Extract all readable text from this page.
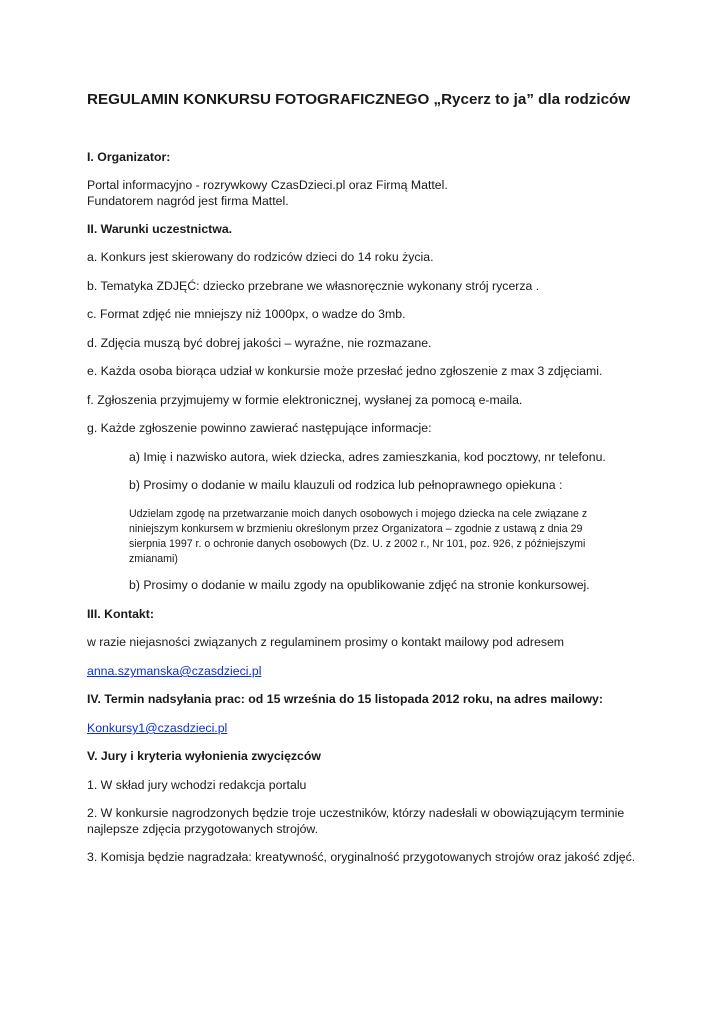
REGULAMIN KONKURSU FOTOGRAFICZNEGO „Rycerz to ja” dla rodziców
I. Organizator:
Portal informacyjno - rozrywkowy CzasDzieci.pl oraz Firmą Mattel.
Fundatorem nagród jest firma Mattel.
II. Warunki uczestnictwa.
a. Konkurs jest skierowany do rodziców dzieci do 14 roku życia.
b. Tematyka ZDJĘĆ: dziecko przebrane we własnoręcznie wykonany strój rycerza .
c. Format zdjęć nie mniejszy niż 1000px, o wadze do 3mb.
d. Zdjęcia muszą być dobrej jakości – wyraźne, nie rozmazane.
e. Każda osoba biorąca udział w konkursie może przesłać jedno zgłoszenie z max 3 zdjęciami.
f. Zgłoszenia przyjmujemy w formie elektronicznej, wysłanej za pomocą e-maila.
g. Każde zgłoszenie powinno zawierać następujące informacje:
a) Imię i nazwisko autora, wiek dziecka, adres zamieszkania, kod pocztowy, nr telefonu.
b) Prosimy o dodanie w mailu klauzuli od rodzica lub pełnoprawnego opiekuna :
Udzielam zgodę na przetwarzanie moich danych osobowych i mojego dziecka na cele związane z
niniejszym konkursem w brzmieniu określonym przez Organizatora – zgodnie z ustawą z dnia 29
sierpnia 1997 r. o ochronie danych osobowych (Dz. U. z 2002 r., Nr 101, poz. 926, z późniejszymi
zmianami)
b) Prosimy o dodanie w mailu zgody na opublikowanie zdjęć na stronie konkursowej.
III. Kontakt:
w razie niejasności związanych z regulaminem prosimy o kontakt mailowy pod adresem
anna.szymanska@czasdzieci.pl
IV. Termin nadsyłania prac: od 15 września do 15 listopada 2012 roku, na adres mailowy:
Konkursy1@czasdzieci.pl
V. Jury i kryteria wyłonienia zwycięzców
1. W skład jury wchodzi redakcja portalu
2. W konkursie nagrodzonych będzie troje uczestników, którzy nadesłali w obowiązującym terminie
najlepsze zdjęcia przygotowanych strojów.
3. Komisja będzie nagradzała: kreatywność, oryginalność przygotowanych strojów oraz jakość zdjęć.
